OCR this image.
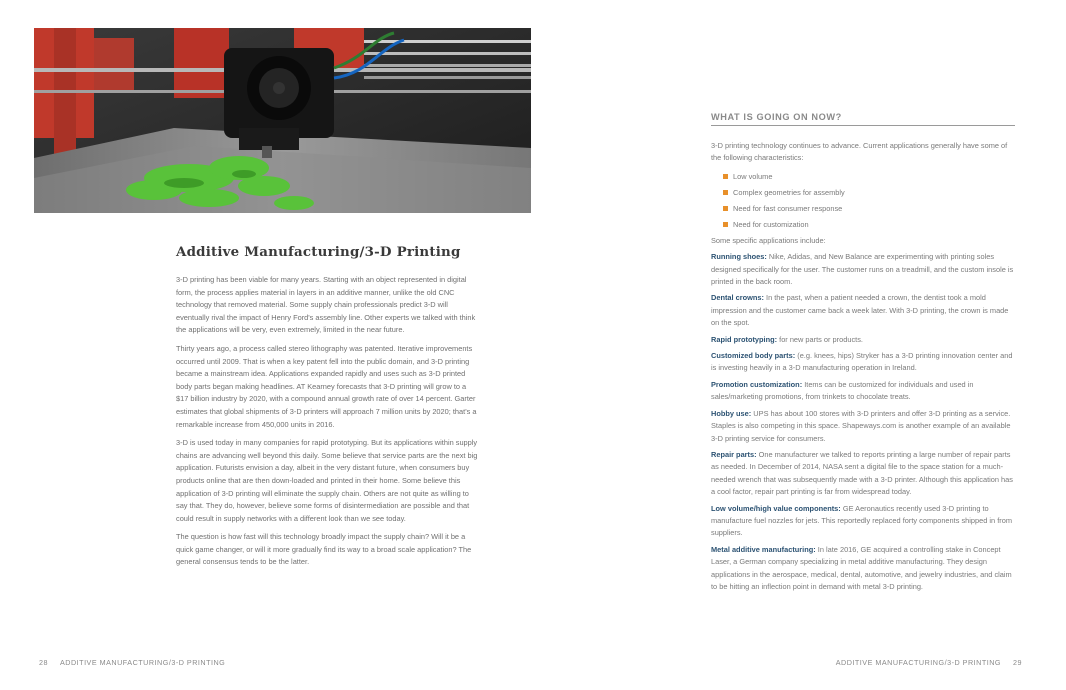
Additive Manufacturing/3-D Printing

3-D printing has been viable for many years. Starting with an object represented in digital form, the process applies material in layers in an additive manner, unlike the old CNC technology that removed material. Some supply chain professionals predict 3-D will eventually rival the impact of Henry Ford's assembly line. Other experts we talked with think the applications will be very, even extremely, limited in the near future.

Thirty years ago, a process called stereo lithography was patented. Iterative improvements occurred until 2009. That is when a key patent fell into the public domain, and 3-D printing became a mainstream idea. Applications expanded rapidly and uses such as 3-D printed body parts began making headlines. AT Kearney forecasts that 3-D printing will grow to a $17 billion industry by 2020, with a compound annual growth rate of over 14 percent. Garter estimates that global shipments of 3-D printers will approach 7 million units by 2020; that's a remarkable increase from 450,000 units in 2016.

3-D is used today in many companies for rapid prototyping. But its applications within supply chains are advancing well beyond this daily. Some believe that service parts are the next big application. Futurists envision a day, albeit in the very distant future, when consumers buy products online that are then down-loaded and printed in their home. Some believe this application of 3-D printing will eliminate the supply chain. Others are not quite as willing to say that. They do, however, believe some forms of disintermediation are possible and that could result in supply networks with a different look than we see today.

The question is how fast will this technology broadly impact the supply chain? Will it be a quick game changer, or will it more gradually find its way to a broad scale application? The general consensus tends to be the latter.

WHAT IS GOING ON NOW?

3-D printing technology continues to advance. Current applications generally have some of the following characteristics:

Low volume
Complex geometries for assembly
Need for fast consumer response
Need for customization

Some specific applications include:

Running shoes: Nike, Adidas, and New Balance are experimenting with printing soles designed specifically for the user. The customer runs on a treadmill, and the custom insole is printed in the back room.

Dental crowns: In the past, when a patient needed a crown, the dentist took a mold impression and the customer came back a week later. With 3-D printing, the crown is made on the spot.

Rapid prototyping: for new parts or products.

Customized body parts: (e.g. knees, hips) Stryker has a 3-D printing innovation center and is investing heavily in a 3-D manufacturing operation in Ireland.

Promotion customization: Items can be customized for individuals and used in sales/marketing promotions, from trinkets to chocolate treats.

Hobby use: UPS has about 100 stores with 3-D printers and offer 3-D printing as a service. Staples is also competing in this space. Shapeways.com is another example of an available 3-D printing service for consumers.

Repair parts: One manufacturer we talked to reports printing a large number of repair parts as needed. In December of 2014, NASA sent a digital file to the space station for a much-needed wrench that was subsequently made with a 3-D printer. Although this application has a cool factor, repair part printing is far from widespread today.

Low volume/high value components: GE Aeronautics recently used 3-D printing to manufacture fuel nozzles for jets. This reportedly replaced forty components shipped in from suppliers.

Metal additive manufacturing: In late 2016, GE acquired a controlling stake in Concept Laser, a German company specializing in metal additive manufacturing. They design applications in the aerospace, medical, dental, automotive, and jewelry industries, and claim to be hitting an inflection point in demand with metal 3-D printing.

28 ADDITIVE MANUFACTURING/3-D PRINTING	ADDITIVE MANUFACTURING/3-D PRINTING 29
